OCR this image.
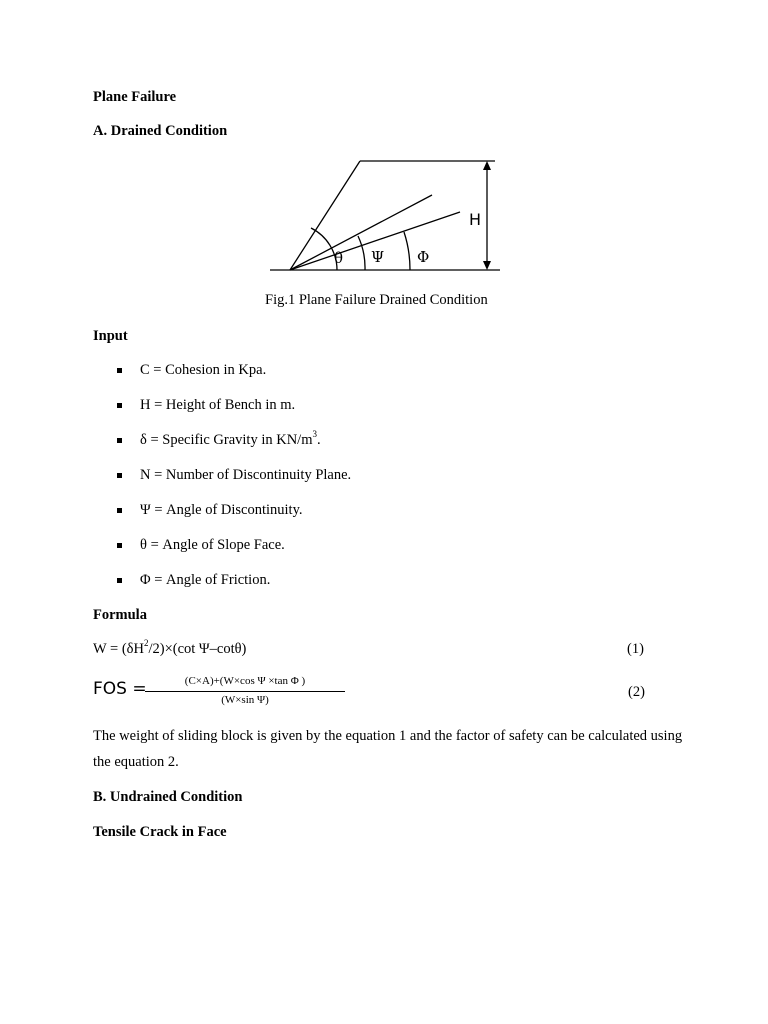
Plane Failure
A. Drained Condition
H
θ Ψ Φ
Fig.1 Plane Failure Drained Condition
Input
C = Cohesion in Kpa.
H = Height of Bench in m.
δ = Specific Gravity in $KN/m^3$.
N = Number of Discontinuity Plane.
Ψ = Angle of Discontinuity.
θ = Angle of Slope Face.
Φ = Angle of Friction.
Formula
$W = (\delta H^2/2)\times(\cot$ Ψ–cotθ)	(1)
FOS =	(C×A)+(W×cos Ψ ×tan Φ )
(W×sin Ψ)	(2)
The weight of sliding block is given by the equation 1 and the factor of safety can be calculated using the equation 2.
B. Undrained Condition
Tensile Crack in Face
